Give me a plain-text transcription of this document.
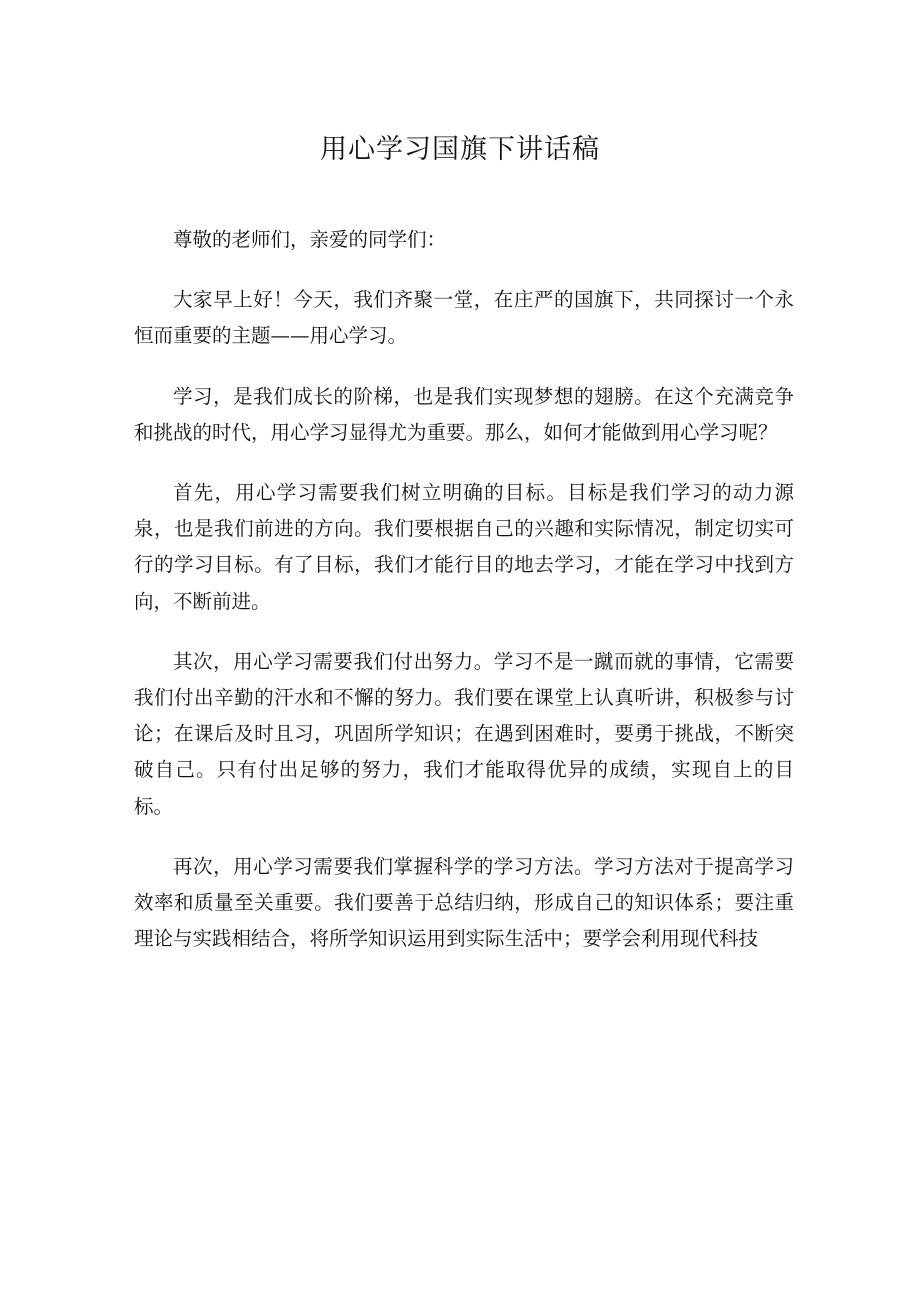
用心学习国旗下讲话稿

尊敬的老师们，亲爱的同学们：

大家早上好！今天，我们齐聚一堂，在庄严的国旗下，共同探讨一个永恒而重要的主题——用心学习。

学习，是我们成长的阶梯，也是我们实现梦想的翅膀。在这个充满竞争和挑战的时代，用心学习显得尤为重要。那么，如何才能做到用心学习呢？

首先，用心学习需要我们树立明确的目标。目标是我们学习的动力源泉，也是我们前进的方向。我们要根据自己的兴趣和实际情况，制定切实可行的学习目标。有了目标，我们才能行目的地去学习，才能在学习中找到方向，不断前进。

其次，用心学习需要我们付出努力。学习不是一蹴而就的事情，它需要我们付出辛勤的汗水和不懈的努力。我们要在课堂上认真听讲，积极参与讨论；在课后及时且习，巩固所学知识；在遇到困难时，要勇于挑战，不断突破自己。只有付出足够的努力，我们才能取得优异的成绩，实现自上的目标。

再次，用心学习需要我们掌握科学的学习方法。学习方法对于提高学习效率和质量至关重要。我们要善于总结归纳，形成自己的知识体系；要注重理论与实践相结合，将所学知识运用到实际生活中；要学会利用现代科技
